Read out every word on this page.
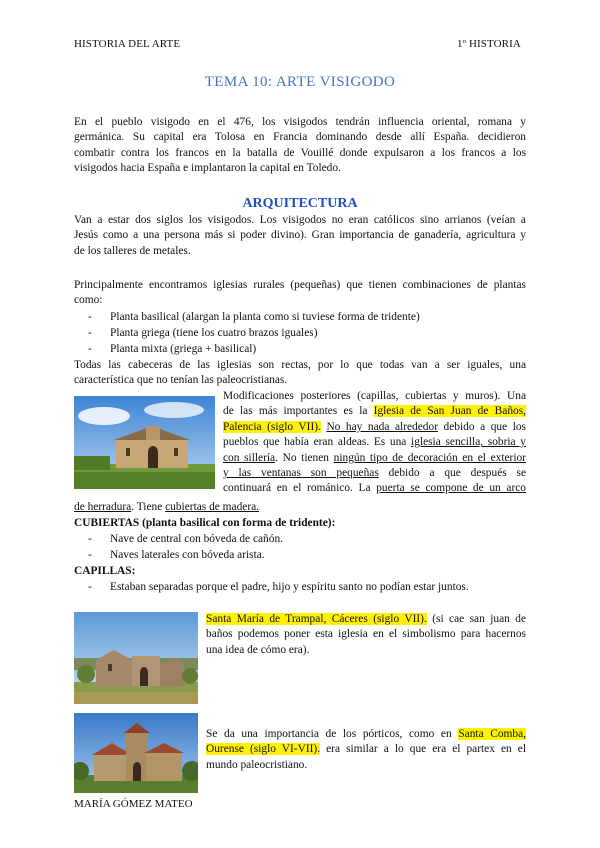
HISTORIA DEL ARTE	1º HISTORIA
TEMA 10: ARTE VISIGODO
En el pueblo visigodo en el 476, los visigodos tendrán influencia oriental, romana y
germánica. Su capital era Tolosa en Francia dominando desde allí España. decidieron
combatir contra los francos en la batalla de Vouillé donde expulsaron a los francos a los
visigodos hacia España e implantaron la capital en Toledo.
ARQUITECTURA
Van a estar dos siglos los visigodos. Los visigodos no eran católicos sino arrianos (veían a
Jesús como a una persona más si poder divino). Gran importancia de ganadería, agricultura y
de los talleres de metales.
Principalmente encontramos iglesias rurales (pequeñas) que tienen combinaciones de plantas
como:
- Planta basilical (alargan la planta como si tuviese forma de tridente)
- Planta griega (tiene los cuatro brazos iguales)
- Planta mixta (griega + basilical)
Todas las cabeceras de las iglesias son rectas, por lo que todas van a ser iguales, una
característica que no tenían las paleocristianas.
Modificaciones posteriores (capillas, cubiertas y muros). Una
de las más importantes es la Iglesia de San Juan de Baños,
Palencia (siglo VII). No hay nada alrededor debido a que los
pueblos que había eran aldeas. Es una iglesia sencilla, sobria y
con sillería. No tienen ningún tipo de decoración en el exterior
y las ventanas son pequeñas debido a que después se
continuará en el románico. La puerta se compone de un arco
de herradura. Tiene cubiertas de madera.
CUBIERTAS (planta basilical con forma de tridente):
- Nave de central con bóveda de cañón.
- Naves laterales con bóveda arista.
CAPILLAS:
- Estaban separadas porque el padre, hijo y espíritu santo no podían estar juntos.
Santa María de Trampal, Cáceres (siglo VII). (si cae san juan de
baños podemos poner esta iglesia en el simbolismo para hacernos
una idea de cómo era).
Se da una importancia de los pórticos, como en Santa Comba,
Ourense (siglo VI-VII). era similar a lo que era el partex en el
mundo paleocristiano.
MARÍA GÓMEZ MATEO
